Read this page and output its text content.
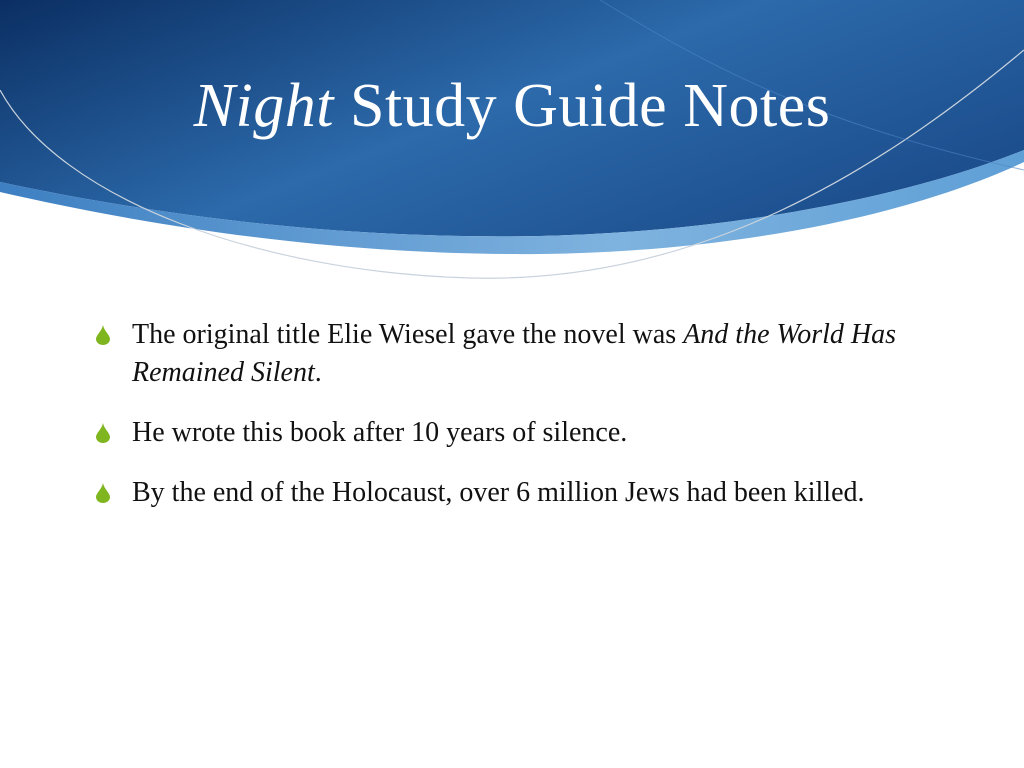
Night Study Guide Notes
The original title Elie Wiesel gave the novel was And the World Has Remained Silent.
He wrote this book after 10 years of silence.
By the end of the Holocaust, over 6 million Jews had been killed.
